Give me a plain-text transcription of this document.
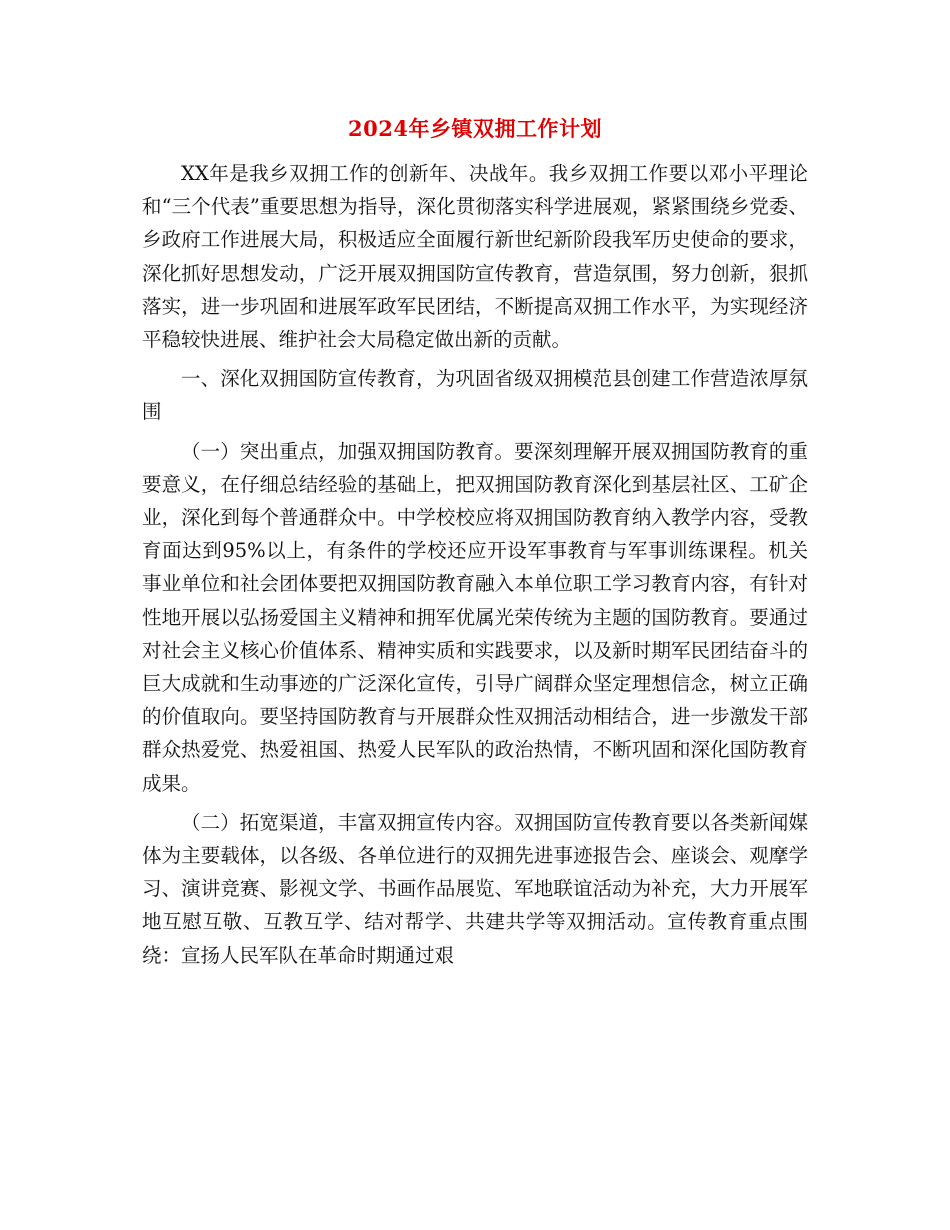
2024年乡镇双拥工作计划

XX年是我乡双拥工作的创新年、决战年。我乡双拥工作要以邓小平理论和“三个代表”重要思想为指导，深化贯彻落实科学进展观，紧紧围绕乡党委、乡政府工作进展大局，积极适应全面履行新世纪新阶段我军历史使命的要求，深化抓好思想发动，广泛开展双拥国防宣传教育，营造氛围，努力创新，狠抓落实，进一步巩固和进展军政军民团结，不断提高双拥工作水平，为实现经济平稳较快进展、维护社会大局稳定做出新的贡献。

一、深化双拥国防宣传教育，为巩固省级双拥模范县创建工作营造浓厚氛围

（一）突出重点，加强双拥国防教育。要深刻理解开展双拥国防教育的重要意义，在仔细总结经验的基础上，把双拥国防教育深化到基层社区、工矿企业，深化到每个普通群众中。中学校校应将双拥国防教育纳入教学内容，受教育面达到95%以上，有条件的学校还应开设军事教育与军事训练课程。机关事业单位和社会团体要把双拥国防教育融入本单位职工学习教育内容，有针对性地开展以弘扬爱国主义精神和拥军优属光荣传统为主题的国防教育。要通过对社会主义核心价值体系、精神实质和实践要求，以及新时期军民团结奋斗的巨大成就和生动事迹的广泛深化宣传，引导广阔群众坚定理想信念，树立正确的价值取向。要坚持国防教育与开展群众性双拥活动相结合，进一步激发干部群众热爱党、热爱祖国、热爱人民军队的政治热情，不断巩固和深化国防教育成果。

（二）拓宽渠道，丰富双拥宣传内容。双拥国防宣传教育要以各类新闻媒体为主要载体，以各级、各单位进行的双拥先进事迹报告会、座谈会、观摩学习、演讲竞赛、影视文学、书画作品展览、军地联谊活动为补充，大力开展军地互慰互敬、互教互学、结对帮学、共建共学等双拥活动。宣传教育重点围绕：宣扬人民军队在革命时期通过艰
